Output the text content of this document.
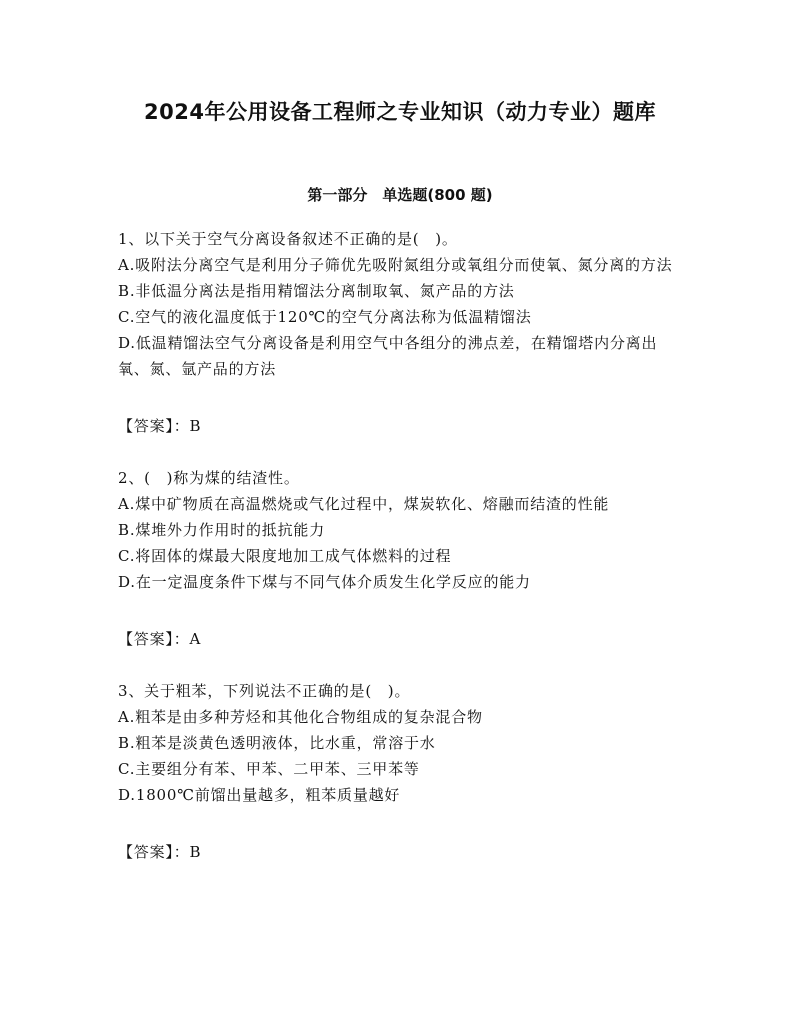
2024年公用设备工程师之专业知识（动力专业）题库
第一部分　单选题(800 题)
1、以下关于空气分离设备叙述不正确的是(　)。
A.吸附法分离空气是利用分子筛优先吸附氮组分或氧组分而使氧、氮分离的方法
B.非低温分离法是指用精馏法分离制取氧、氮产品的方法
C.空气的液化温度低于120℃的空气分离法称为低温精馏法
D.低温精馏法空气分离设备是利用空气中各组分的沸点差，在精馏塔内分离出氧、氮、氩产品的方法
【答案】：B
2、(　)称为煤的结渣性。
A.煤中矿物质在高温燃烧或气化过程中，煤炭软化、熔融而结渣的性能
B.煤堆外力作用时的抵抗能力
C.将固体的煤最大限度地加工成气体燃料的过程
D.在一定温度条件下煤与不同气体介质发生化学反应的能力
【答案】：A
3、关于粗苯，下列说法不正确的是(　)。
A.粗苯是由多种芳烃和其他化合物组成的复杂混合物
B.粗苯是淡黄色透明液体，比水重，常溶于水
C.主要组分有苯、甲苯、二甲苯、三甲苯等
D.1800℃前馏出量越多，粗苯质量越好
【答案】：B
